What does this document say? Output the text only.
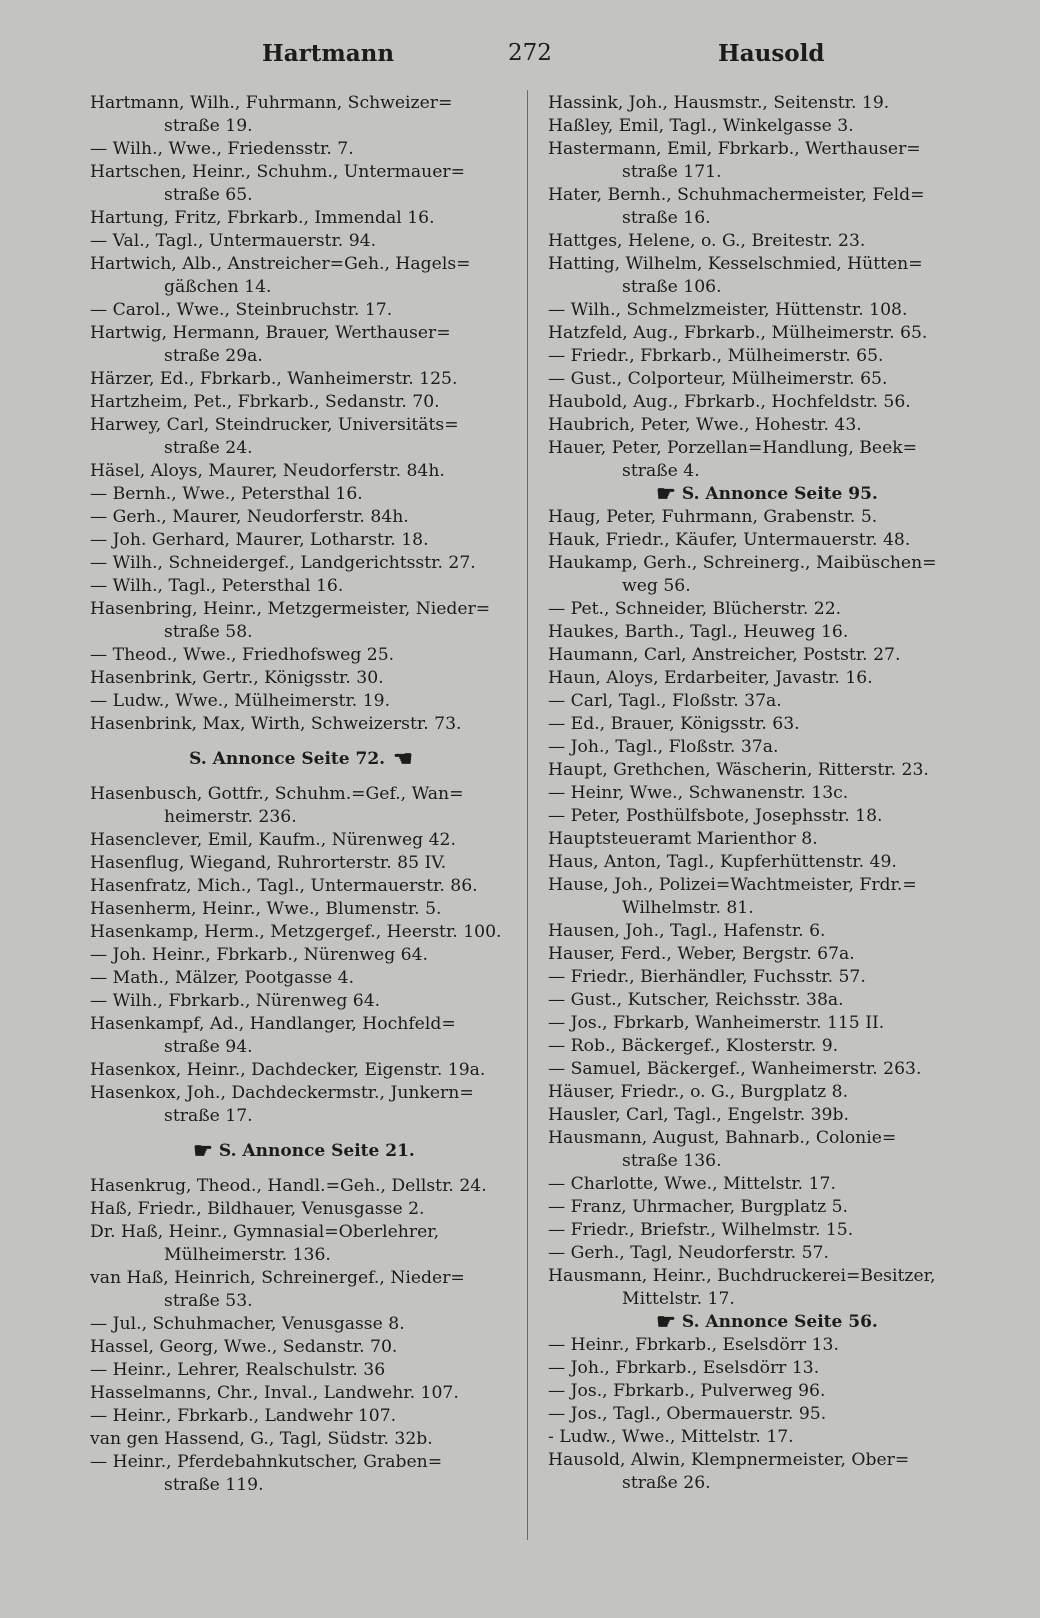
Hartmann	272	Hausold
Hartmann, Wilh., Fuhrmann, Schweizer=
straße 19.
— Wilh., Wwe., Friedensstr. 7.
Hartschen, Heinr., Schuhm., Untermauer=
straße 65.
Hartung, Fritz, Fbrkarb., Immendal 16.
— Val., Tagl., Untermauerstr. 94.
Hartwich, Alb., Anstreicher=Geh., Hagels=
gäßchen 14.
— Carol., Wwe., Steinbruchstr. 17.
Hartwig, Hermann, Brauer, Werthauser=
straße 29a.
Härzer, Ed., Fbrkarb., Wanheimerstr. 125.
Hartzheim, Pet., Fbrkarb., Sedanstr. 70.
Harwey, Carl, Steindrucker, Universitäts=
straße 24.
Häsel, Aloys, Maurer, Neudorferstr. 84h.
— Bernh., Wwe., Petersthal 16.
— Gerh., Maurer, Neudorferstr. 84h.
— Joh. Gerhard, Maurer, Lotharstr. 18.
— Wilh., Schneidergef., Landgerichtsstr. 27.
— Wilh., Tagl., Petersthal 16.
Hasenbring, Heinr., Metzgermeister, Nieder=
straße 58.
— Theod., Wwe., Friedhofsweg 25.
Hasenbrink, Gertr., Königsstr. 30.
— Ludw., Wwe., Mülheimerstr. 19.
Hasenbrink, Max, Wirth, Schweizerstr. 73.
S. Annonce Seite 72. ☚
Hasenbusch, Gottfr., Schuhm.=Gef., Wan=
heimerstr. 236.
Hasenclever, Emil, Kaufm., Nürenweg 42.
Hasenflug, Wiegand, Ruhrorterstr. 85 IV.
Hasenfratz, Mich., Tagl., Untermauerstr. 86.
Hasenherm, Heinr., Wwe., Blumenstr. 5.
Hasenkamp, Herm., Metzgergef., Heerstr. 100.
— Joh. Heinr., Fbrkarb., Nürenweg 64.
— Math., Mälzer, Pootgasse 4.
— Wilh., Fbrkarb., Nürenweg 64.
Hasenkampf, Ad., Handlanger, Hochfeld=
straße 94.
Hasenkox, Heinr., Dachdecker, Eigenstr. 19a.
Hasenkox, Joh., Dachdeckermstr., Junkern=
straße 17.
☛ S. Annonce Seite 21.
Hasenkrug, Theod., Handl.=Geh., Dellstr. 24.
Haß, Friedr., Bildhauer, Venusgasse 2.
Dr. Haß, Heinr., Gymnasial=Oberlehrer,
Mülheimerstr. 136.
van Haß, Heinrich, Schreinergef., Nieder=
straße 53.
— Jul., Schuhmacher, Venusgasse 8.
Hassel, Georg, Wwe., Sedanstr. 70.
— Heinr., Lehrer, Realschulstr. 36
Hasselmanns, Chr., Inval., Landwehr. 107.
— Heinr., Fbrkarb., Landwehr 107.
van gen Hassend, G., Tagl, Südstr. 32b.
— Heinr., Pferdebahnkutscher, Graben=
straße 119.
Hassink, Joh., Hausmstr., Seitenstr. 19.
Haßley, Emil, Tagl., Winkelgasse 3.
Hastermann, Emil, Fbrkarb., Werthauser=
straße 171.
Hater, Bernh., Schuhmachermeister, Feld=
straße 16.
Hattges, Helene, o. G., Breitestr. 23.
Hatting, Wilhelm, Kesselschmied, Hütten=
straße 106.
— Wilh., Schmelzmeister, Hüttenstr. 108.
Hatzfeld, Aug., Fbrkarb., Mülheimerstr. 65.
— Friedr., Fbrkarb., Mülheimerstr. 65.
— Gust., Colporteur, Mülheimerstr. 65.
Haubold, Aug., Fbrkarb., Hochfeldstr. 56.
Haubrich, Peter, Wwe., Hohestr. 43.
Hauer, Peter, Porzellan=Handlung, Beek=
straße 4.
☛ S. Annonce Seite 95.
Haug, Peter, Fuhrmann, Grabenstr. 5.
Hauk, Friedr., Käufer, Untermauerstr. 48.
Haukamp, Gerh., Schreinerg., Maibüschen=
weg 56.
— Pet., Schneider, Blücherstr. 22.
Haukes, Barth., Tagl., Heuweg 16.
Haumann, Carl, Anstreicher, Poststr. 27.
Haun, Aloys, Erdarbeiter, Javastr. 16.
— Carl, Tagl., Floßstr. 37a.
— Ed., Brauer, Königsstr. 63.
— Joh., Tagl., Floßstr. 37a.
Haupt, Grethchen, Wäscherin, Ritterstr. 23.
— Heinr, Wwe., Schwanenstr. 13c.
— Peter, Posthülfsbote, Josephsstr. 18.
Hauptsteueramt Marienthor 8.
Haus, Anton, Tagl., Kupferhüttenstr. 49.
Hause, Joh., Polizei=Wachtmeister, Frdr.=
Wilhelmstr. 81.
Hausen, Joh., Tagl., Hafenstr. 6.
Hauser, Ferd., Weber, Bergstr. 67a.
— Friedr., Bierhändler, Fuchsstr. 57.
— Gust., Kutscher, Reichsstr. 38a.
— Jos., Fbrkarb, Wanheimerstr. 115 II.
— Rob., Bäckergef., Klosterstr. 9.
— Samuel, Bäckergef., Wanheimerstr. 263.
Häuser, Friedr., o. G., Burgplatz 8.
Hausler, Carl, Tagl., Engelstr. 39b.
Hausmann, August, Bahnarb., Colonie=
straße 136.
— Charlotte, Wwe., Mittelstr. 17.
— Franz, Uhrmacher, Burgplatz 5.
— Friedr., Briefstr., Wilhelmstr. 15.
— Gerh., Tagl, Neudorferstr. 57.
Hausmann, Heinr., Buchdruckerei=Besitzer,
Mittelstr. 17.
☛ S. Annonce Seite 56.
— Heinr., Fbrkarb., Eselsdörr 13.
— Joh., Fbrkarb., Eselsdörr 13.
— Jos., Fbrkarb., Pulverweg 96.
— Jos., Tagl., Obermauerstr. 95.
- Ludw., Wwe., Mittelstr. 17.
Hausold, Alwin, Klempnermeister, Ober=
straße 26.
